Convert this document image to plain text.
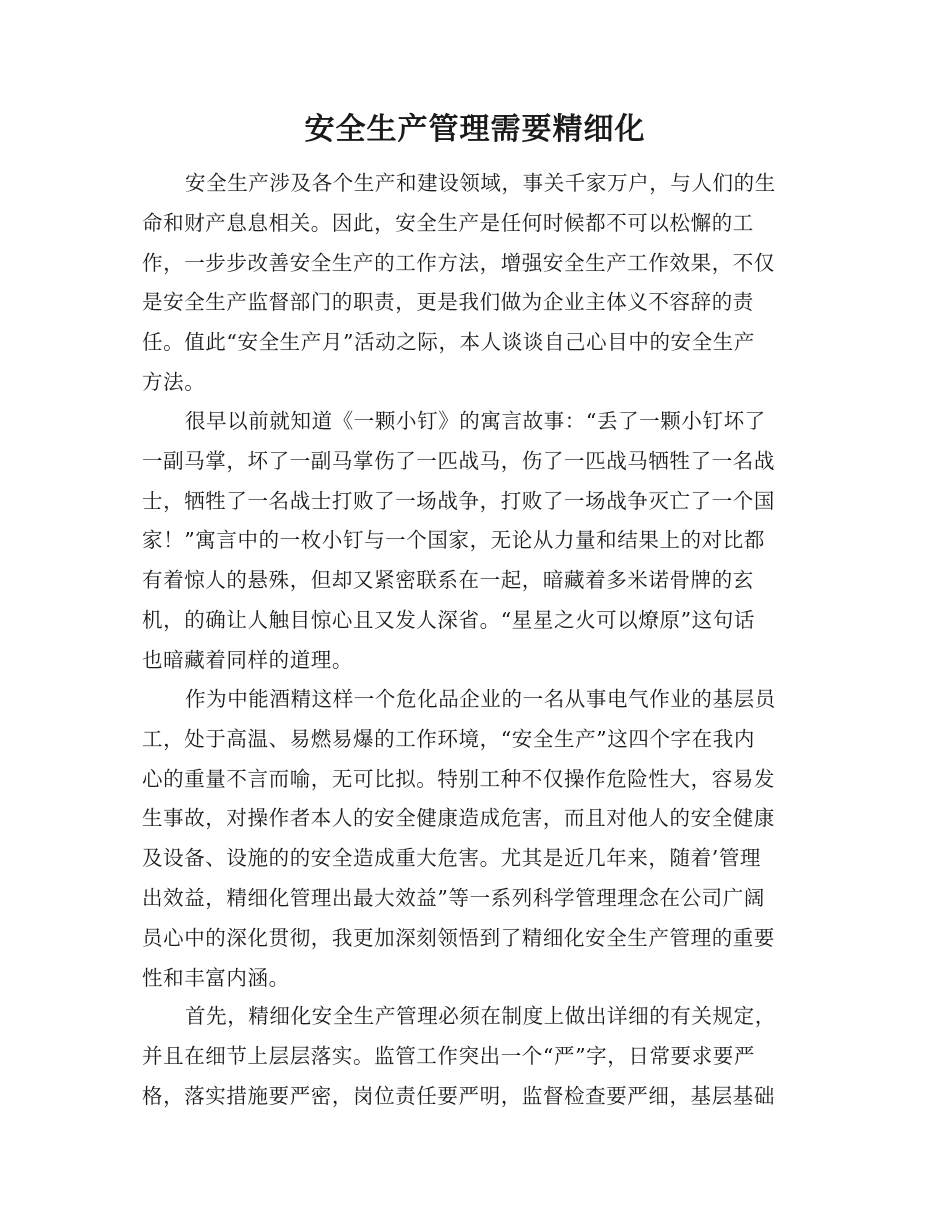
安全生产管理需要精细化
安全生产涉及各个生产和建设领域，事关千家万户，与人们的生
命和财产息息相关。因此，安全生产是任何时候都不可以松懈的工
作，一步步改善安全生产的工作方法，增强安全生产工作效果，不仅
是安全生产监督部门的职责，更是我们做为企业主体义不容辞的责
任。值此“安全生产月”活动之际，本人谈谈自己心目中的安全生产
方法。
很早以前就知道《一颗小钉》的寓言故事：“丢了一颗小钉坏了
一副马掌，坏了一副马掌伤了一匹战马，伤了一匹战马牺牲了一名战
士，牺牲了一名战士打败了一场战争，打败了一场战争灭亡了一个国
家！”寓言中的一枚小钉与一个国家，无论从力量和结果上的对比都
有着惊人的悬殊，但却又紧密联系在一起，暗藏着多米诺骨牌的玄
机，的确让人触目惊心且又发人深省。“星星之火可以燎原”这句话
也暗藏着同样的道理。
作为中能酒精这样一个危化品企业的一名从事电气作业的基层员
工，处于高温、易燃易爆的工作环境，“安全生产”这四个字在我内
心的重量不言而喻，无可比拟。特别工种不仅操作危险性大，容易发
生事故，对操作者本人的安全健康造成危害，而且对他人的安全健康
及设备、设施的的安全造成重大危害。尤其是近几年来，随着’管理
出效益，精细化管理出最大效益”等一系列科学管理理念在公司广阔
员心中的深化贯彻，我更加深刻领悟到了精细化安全生产管理的重要
性和丰富内涵。
首先，精细化安全生产管理必须在制度上做出详细的有关规定，
并且在细节上层层落实。监管工作突出一个“严”字，日常要求要严
格，落实措施要严密，岗位责任要严明，监督检查要严细，基层基础
